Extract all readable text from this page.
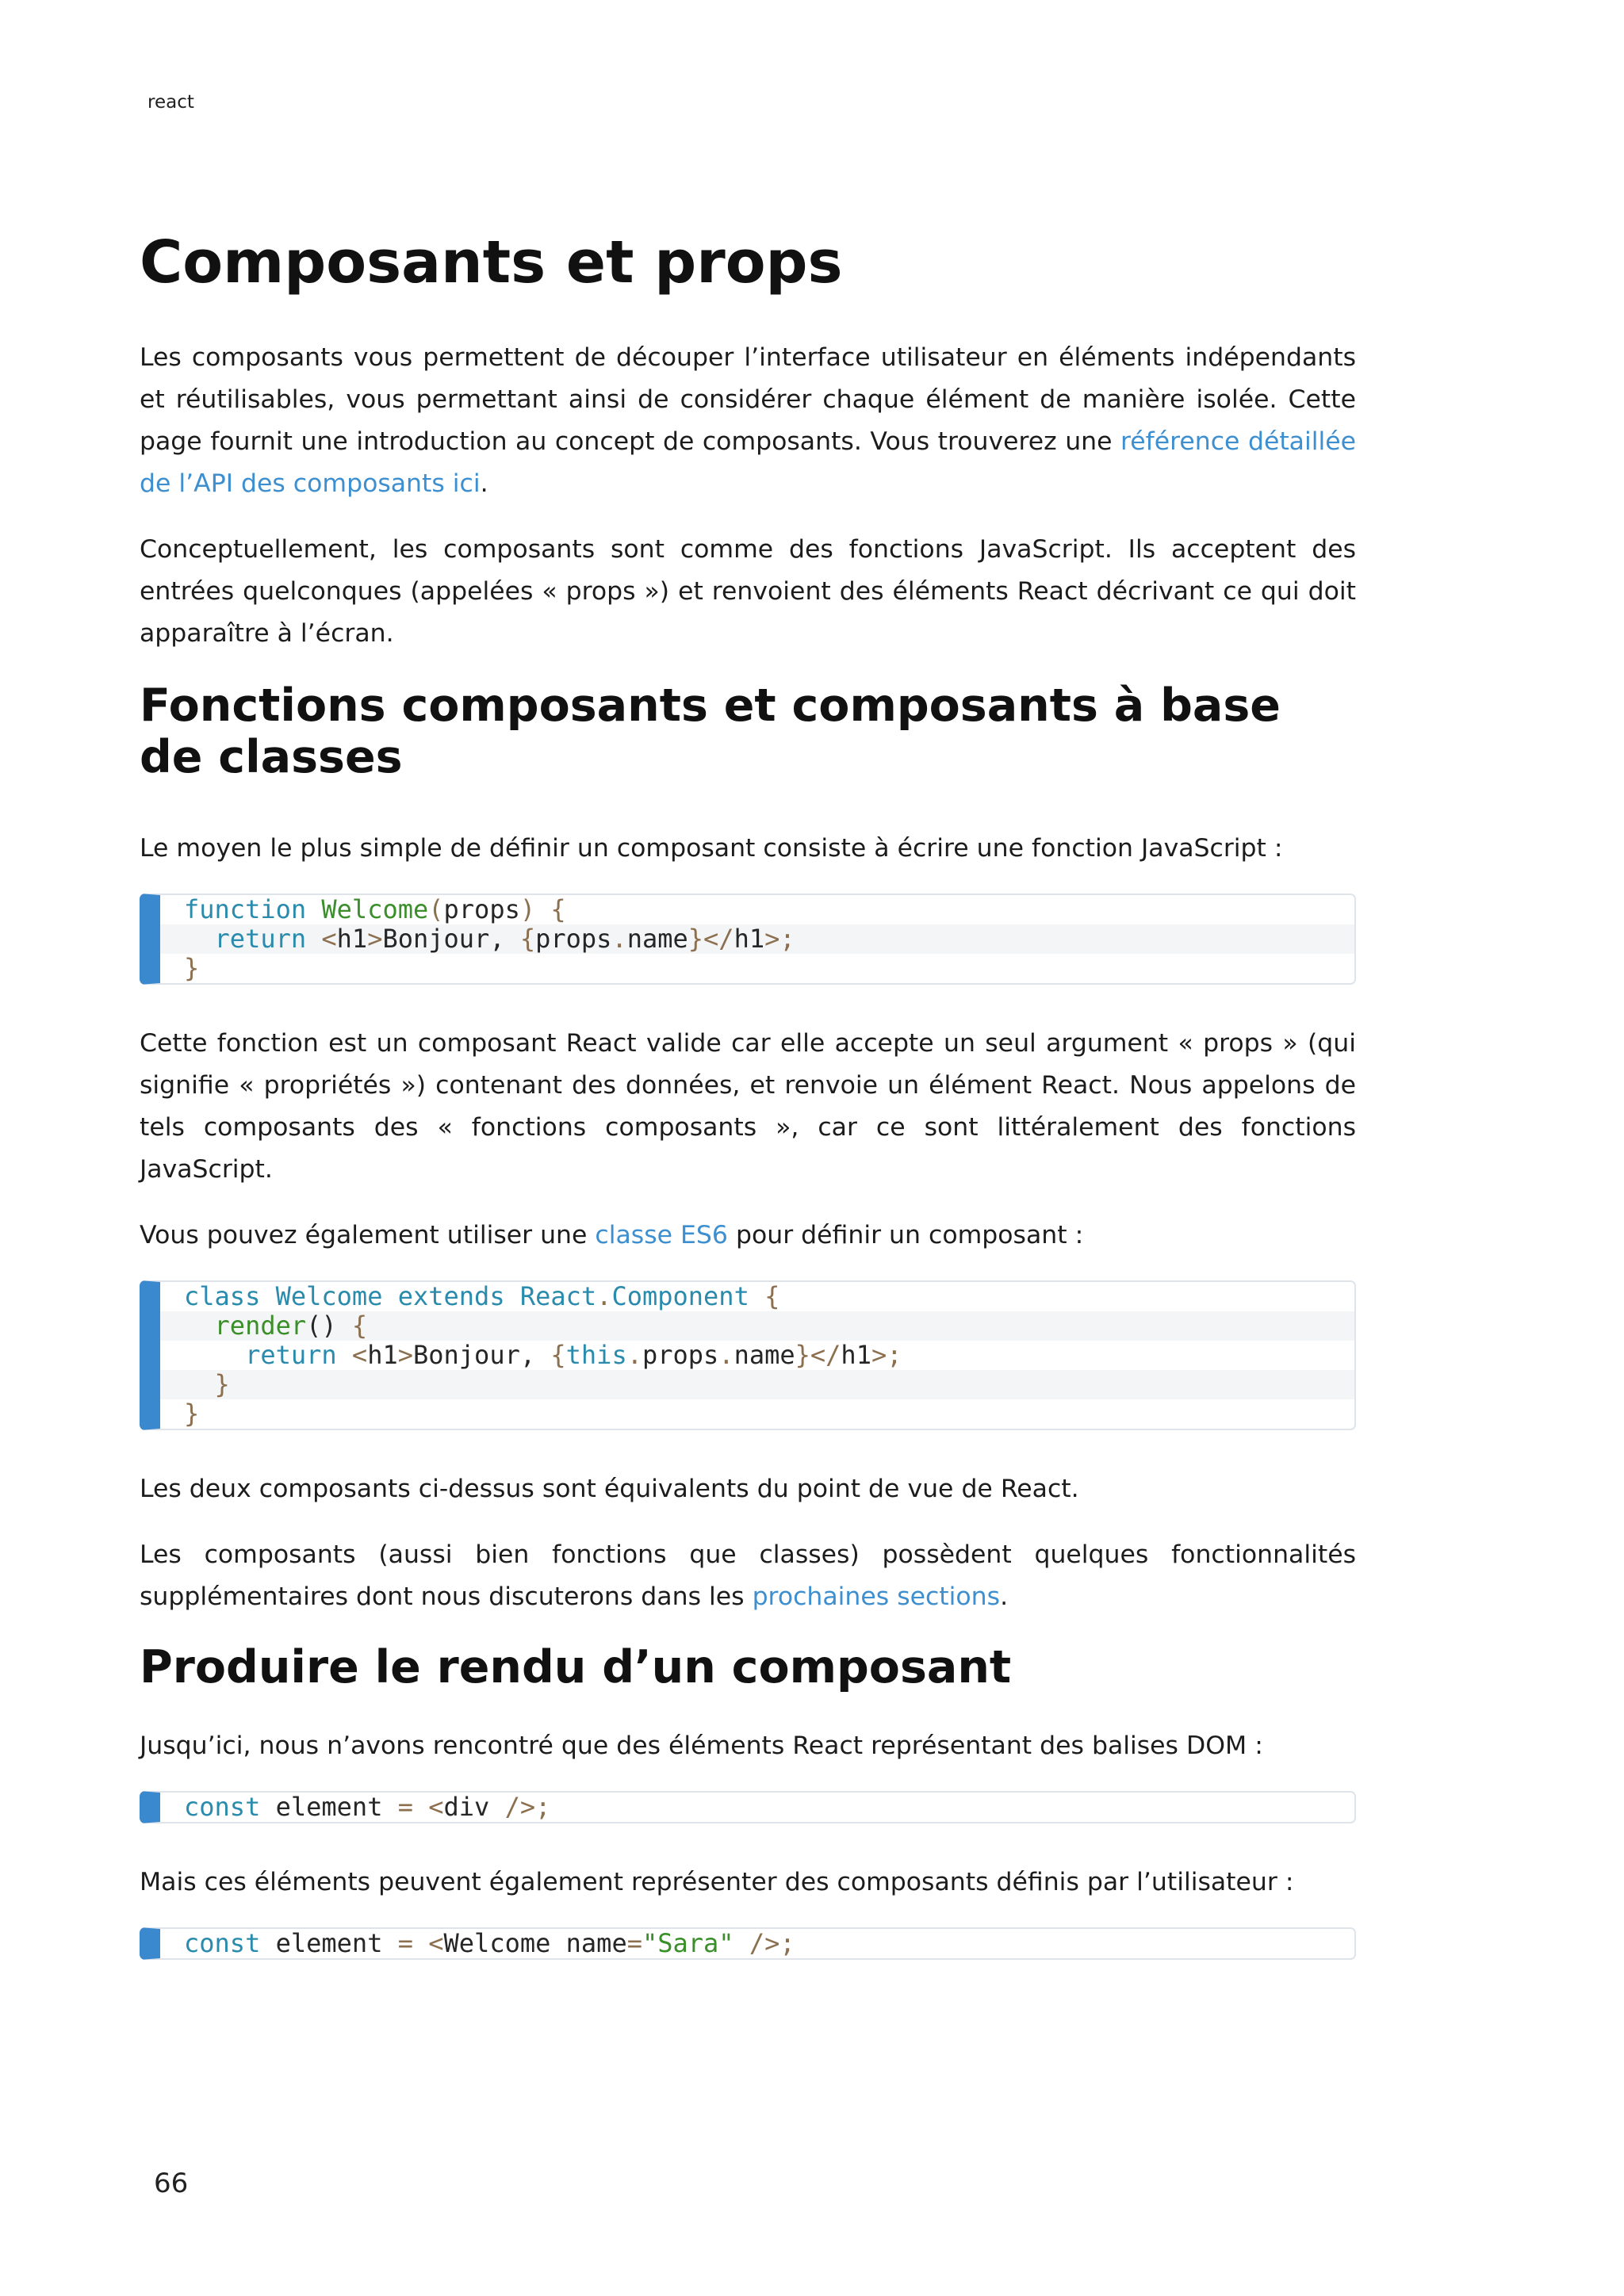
react
Composants et props

Les composants vous permettent de découper l’interface utilisateur en éléments indépendants et réutilisables, vous permettant ainsi de considérer chaque élément de manière isolée. Cette page fournit une introduction au concept de composants. Vous trouverez une référence détaillée de l’API des composants ici.

Conceptuellement, les composants sont comme des fonctions JavaScript. Ils acceptent des entrées quelconques (appelées « props ») et renvoient des éléments React décrivant ce qui doit apparaître à l’écran.

Fonctions composants et composants à base de classes

Le moyen le plus simple de définir un composant consiste à écrire une fonction JavaScript :

function Welcome(props) {
return <h1>Bonjour, {props.name}</h1>;
}

Cette fonction est un composant React valide car elle accepte un seul argument « props » (qui signifie « propriétés ») contenant des données, et renvoie un élément React. Nous appelons de tels composants des « fonctions composants », car ce sont littéralement des fonctions JavaScript.

Vous pouvez également utiliser une classe ES6 pour définir un composant :

class Welcome extends React.Component {
render() {
return <h1>Bonjour, {this.props.name}</h1>;
}
}

Les deux composants ci-dessus sont équivalents du point de vue de React.

Les composants (aussi bien fonctions que classes) possèdent quelques fonctionnalités supplémentaires dont nous discuterons dans les prochaines sections.

Produire le rendu d’un composant

Jusqu’ici, nous n’avons rencontré que des éléments React représentant des balises DOM :

const element = <div />;

Mais ces éléments peuvent également représenter des composants définis par l’utilisateur :

const element = <Welcome name="Sara" />;
66
